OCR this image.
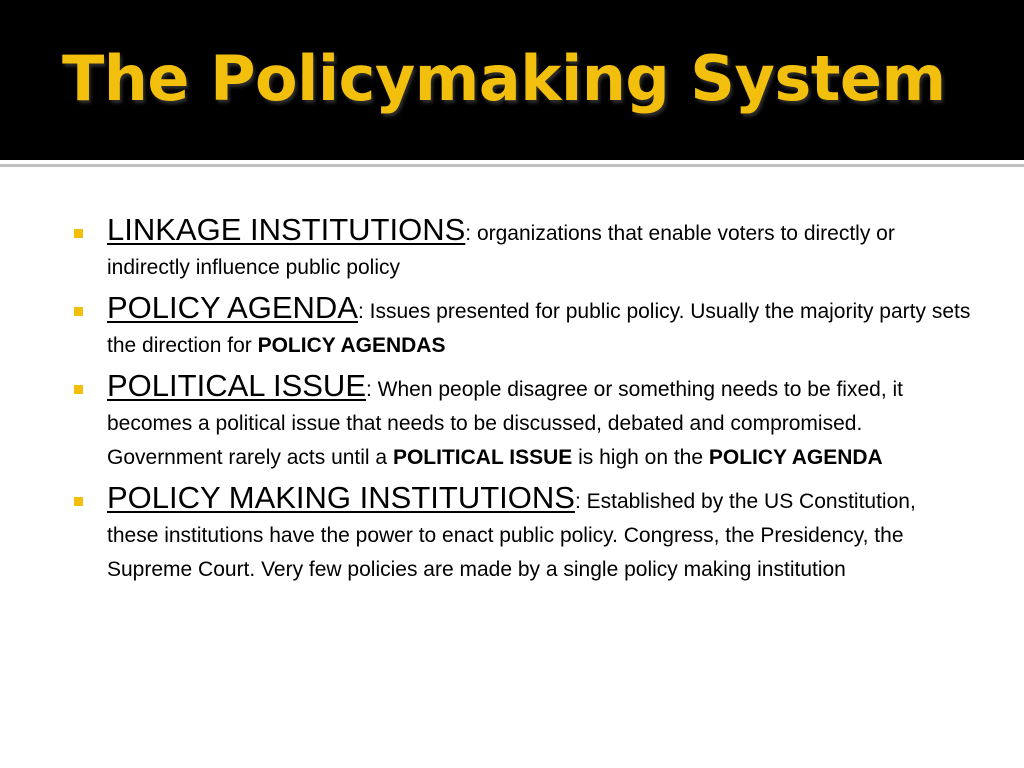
The Policymaking System
LINKAGE INSTITUTIONS: organizations that enable voters to directly or indirectly influence public policy
POLICY AGENDA: Issues presented for public policy. Usually the majority party sets the direction for POLICY AGENDAS
POLITICAL ISSUE: When people disagree or something needs to be fixed, it becomes a political issue that needs to be discussed, debated and compromised. Government rarely acts until a POLITICAL ISSUE is high on the POLICY AGENDA
POLICY MAKING INSTITUTIONS: Established by the US Constitution, these institutions have the power to enact public policy. Congress, the Presidency, the Supreme Court. Very few policies are made by a single policy making institution
